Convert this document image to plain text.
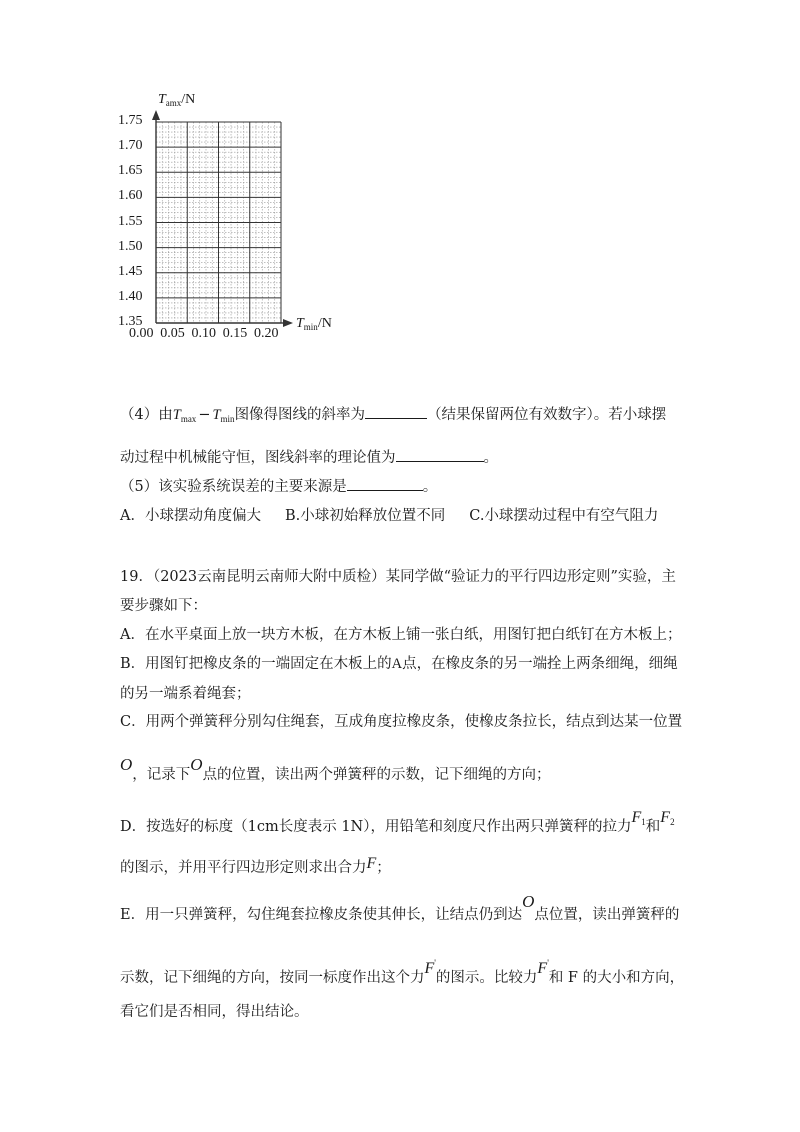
$T_{amx}/N$
$T_{min}/N$
1.75
1.70
1.65
1.60
1.55
1.50
1.45
1.40
1.35
0.00 0.05 0.10 0.15 0.20
（4）由$T_{max} - T_{min}$图像得图线的斜率为	（结果保留两位有效数字）。若小球摆
动过程中机械能守恒，图线斜率的理论值为	。
（5）该实验系统误差的主要来源是	。
A．小球摆动角度偏大 B.小球初始释放位置不同 C.小球摆动过程中有空气阻力
19．（2023云南昆明云南师大附中质检）某同学做“验证力的平行四边形定则”实验，主
要步骤如下：
A．在水平桌面上放一块方木板，在方木板上铺一张白纸，用图钉把白纸钉在方木板上；
B．用图钉把橡皮条的一端固定在木板上的A点，在橡皮条的另一端拴上两条细绳，细绳
的另一端系着绳套；
C．用两个弹簧秤分别勾住绳套，互成角度拉橡皮条，使橡皮条拉长，结点到达某一位置
O，记录下O点的位置，读出两个弹簧秤的示数，记下细绳的方向；
D．按选好的标度（1cm长度表示 1N），用铅笔和刻度尺作出两只弹簧秤的拉力$F^1$和$F^2$
的图示，并用平行四边形定则求出合力F；
E．用一只弹簧秤，勾住绳套拉橡皮条使其伸长，让结点仍到达O点位置，读出弹簧秤的
示数，记下细绳的方向，按同一标度作出这个力F'的图示。比较力F'和 F 的大小和方向，
看它们是否相同，得出结论。
